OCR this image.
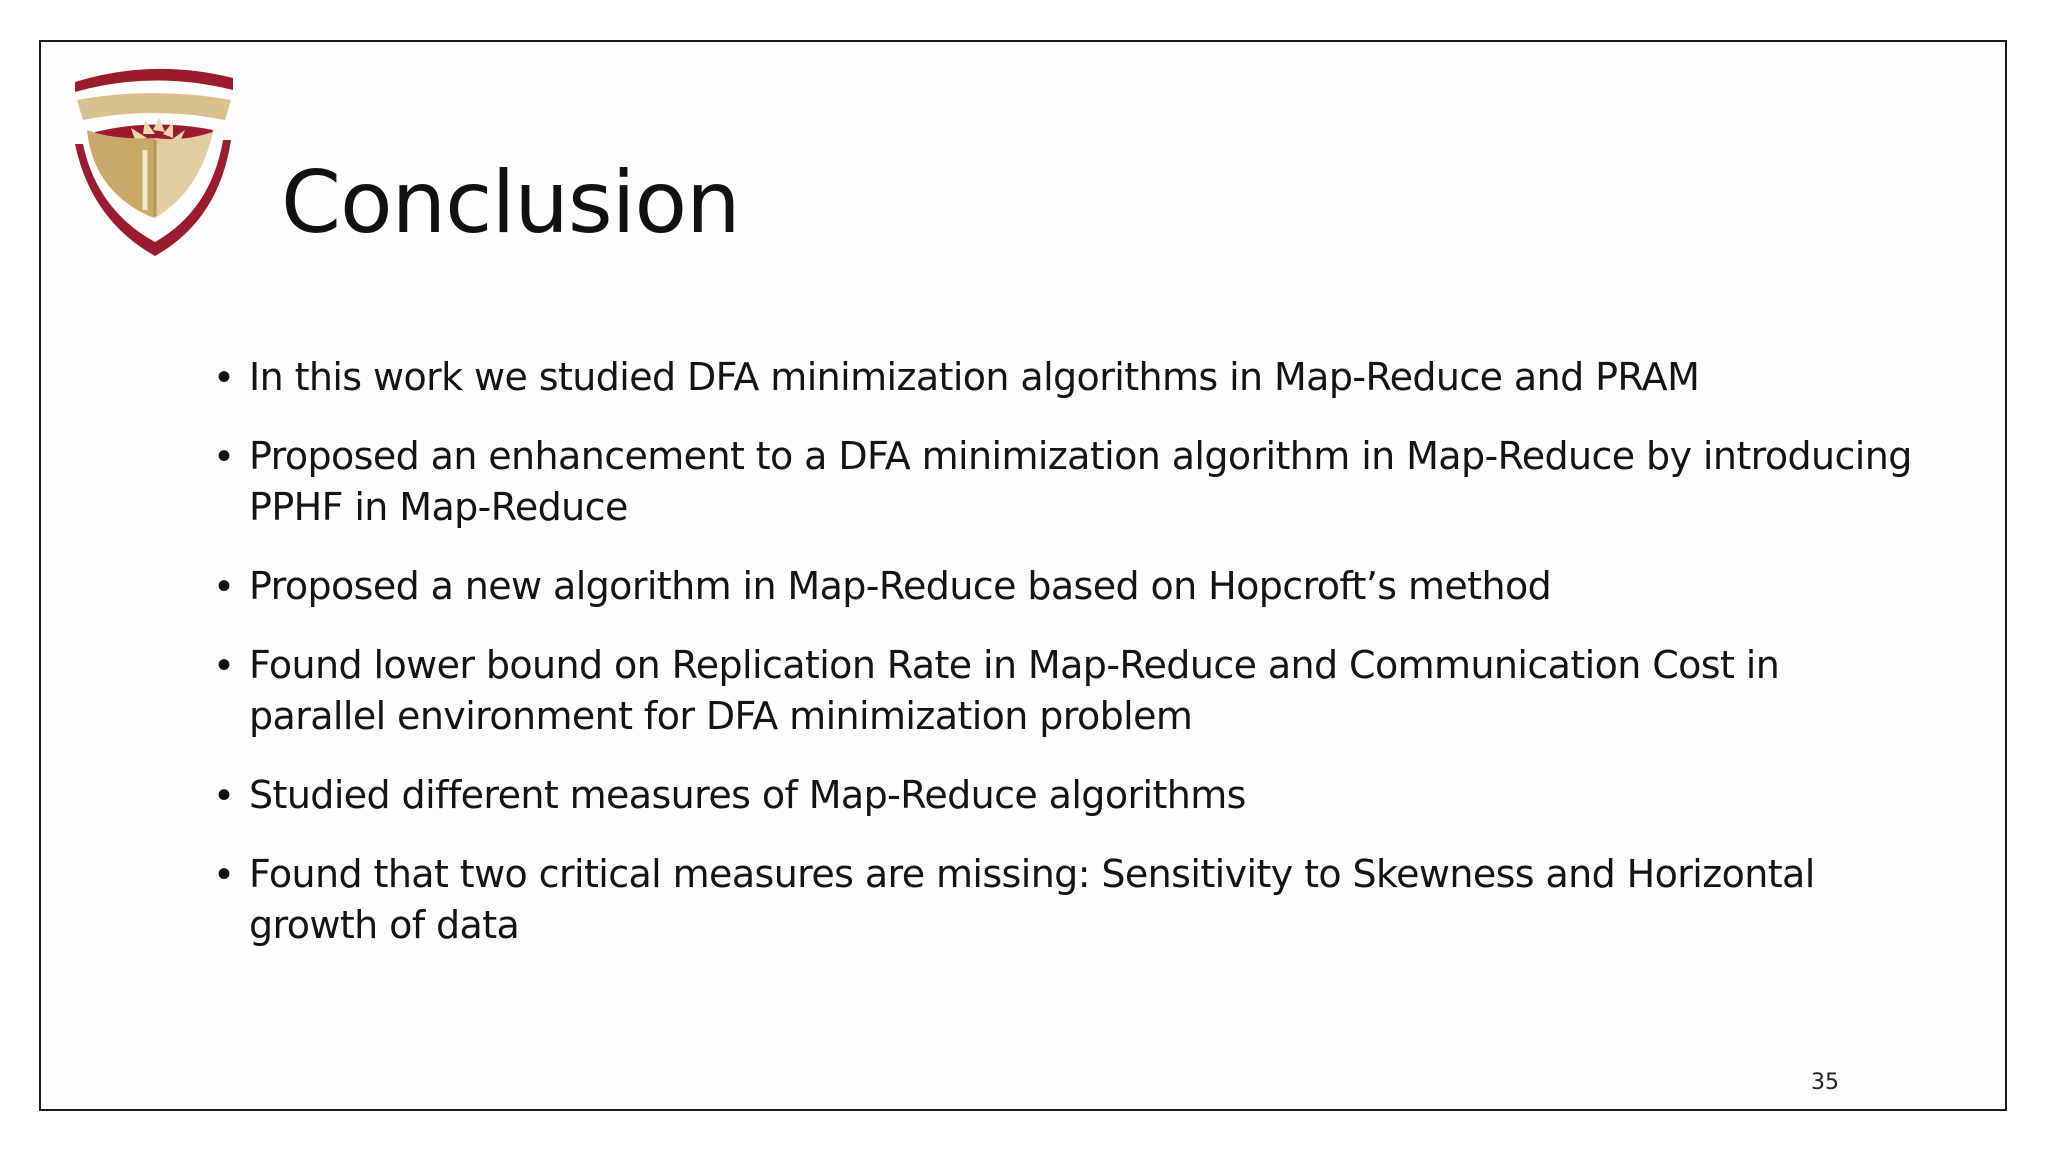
Conclusion
• In this work we studied DFA minimization algorithms in Map-Reduce and PRAM
• Proposed an enhancement to a DFA minimization algorithm in Map-Reduce by introducing PPHF in Map-Reduce
• Proposed a new algorithm in Map-Reduce based on Hopcroft’s method
• Found lower bound on Replication Rate in Map-Reduce and Communication Cost in parallel environment for DFA minimization problem
• Studied different measures of Map-Reduce algorithms
• Found that two critical measures are missing: Sensitivity to Skewness and Horizontal growth of data
35
